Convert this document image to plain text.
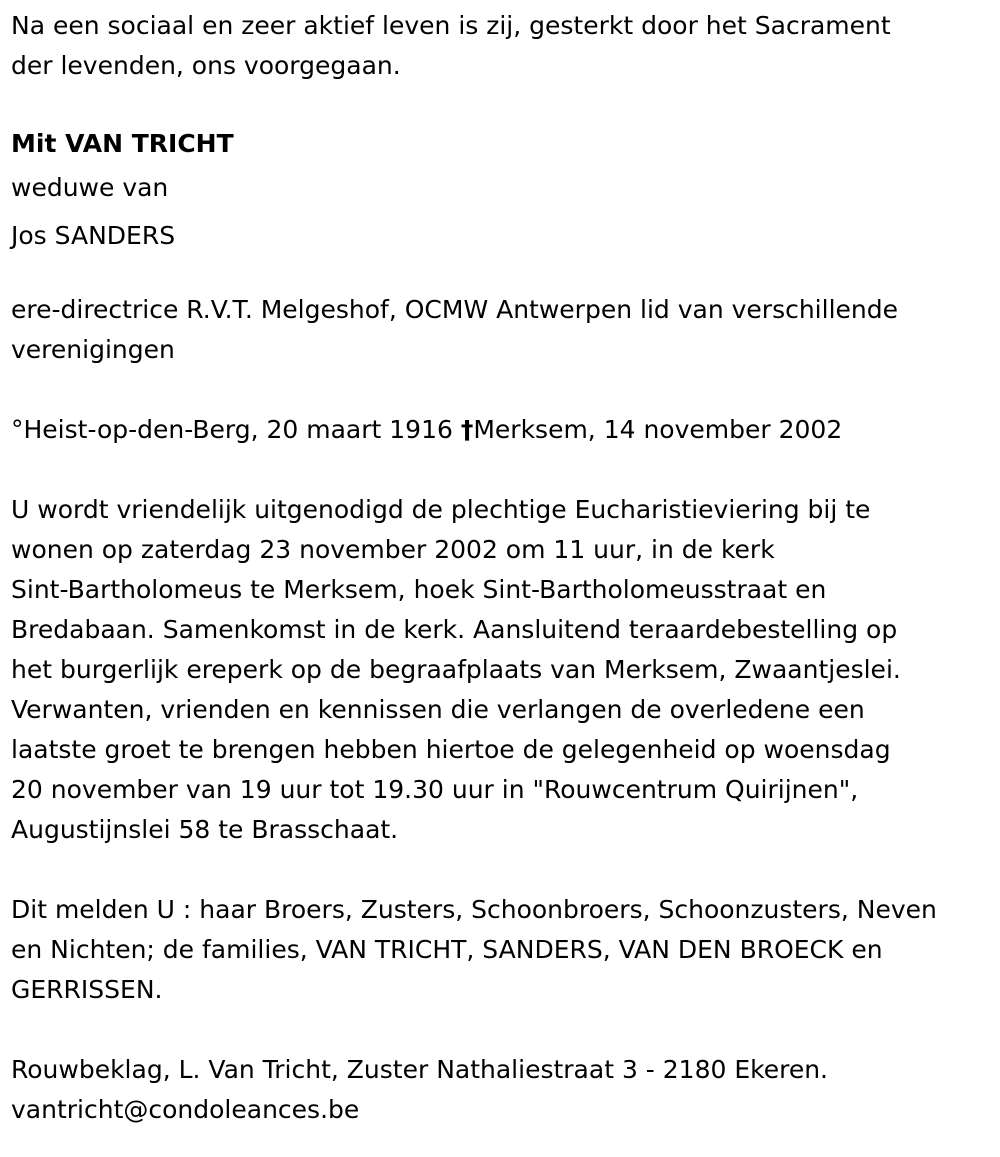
Na een sociaal en zeer aktief leven is zij, gesterkt door het Sacrament
der levenden, ons voorgegaan.

Mit VAN TRICHT

weduwe van

Jos SANDERS

ere-directrice R.V.T. Melgeshof, OCMW Antwerpen lid van verschillende
verenigingen

°Heist-op-den-Berg, 20 maart 1916 †Merksem, 14 november 2002

U wordt vriendelijk uitgenodigd de plechtige Eucharistieviering bij te
wonen op zaterdag 23 november 2002 om 11 uur, in de kerk
Sint-Bartholomeus te Merksem, hoek Sint-Bartholomeusstraat en
Bredabaan. Samenkomst in de kerk. Aansluitend teraardebestelling op
het burgerlijk ereperk op de begraafplaats van Merksem, Zwaantjeslei.
Verwanten, vrienden en kennissen die verlangen de overledene een
laatste groet te brengen hebben hiertoe de gelegenheid op woensdag
20 november van 19 uur tot 19.30 uur in "Rouwcentrum Quirijnen",
Augustijnslei 58 te Brasschaat.

Dit melden U : haar Broers, Zusters, Schoonbroers, Schoonzusters, Neven
en Nichten; de families, VAN TRICHT, SANDERS, VAN DEN BROECK en
GERRISSEN.

Rouwbeklag, L. Van Tricht, Zuster Nathaliestraat 3 - 2180 Ekeren.

vantricht@condoleances.be
